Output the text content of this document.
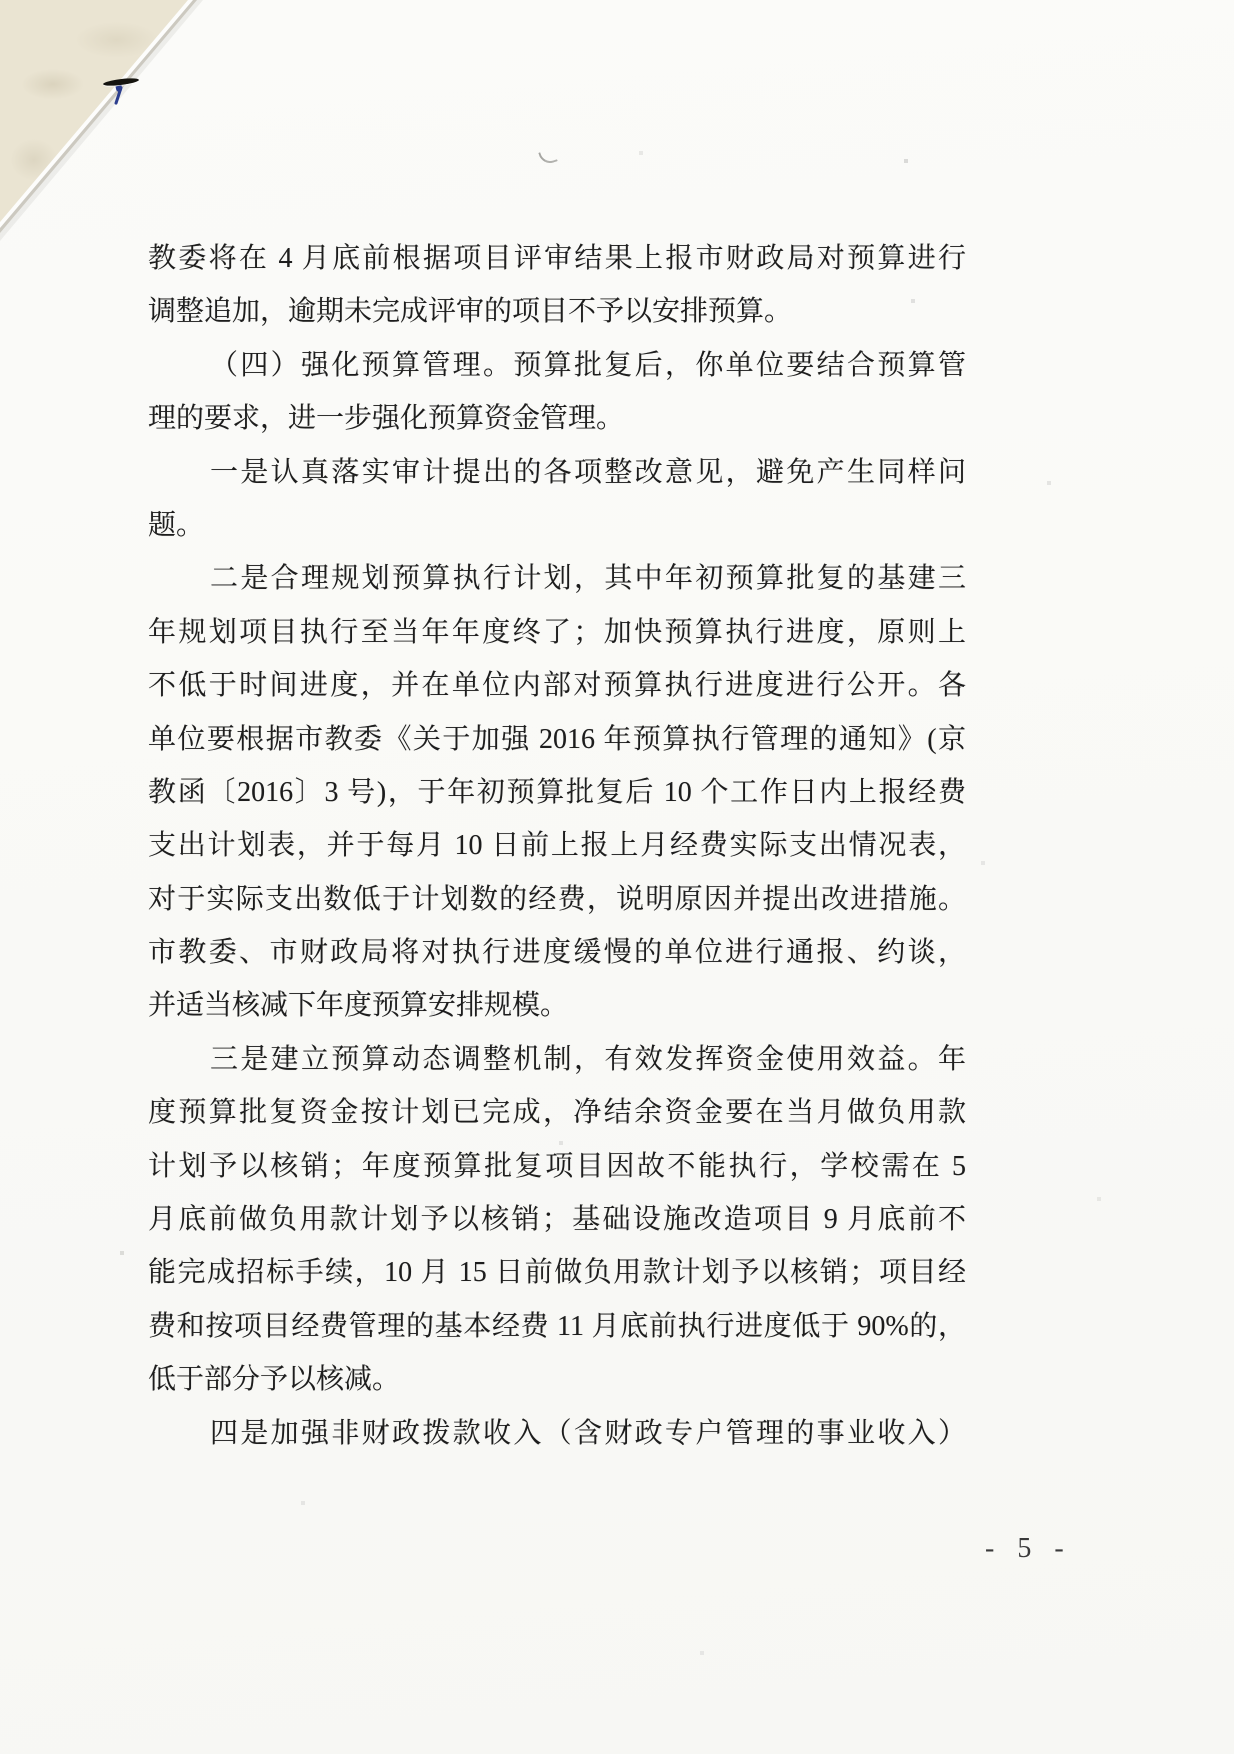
教委将在 4 月底前根据项目评审结果上报市财政局对预算进行
调整追加，逾期未完成评审的项目不予以安排预算。
（四）强化预算管理。预算批复后，你单位要结合预算管
理的要求，进一步强化预算资金管理。
一是认真落实审计提出的各项整改意见，避免产生同样问
题。
二是合理规划预算执行计划，其中年初预算批复的基建三
年规划项目执行至当年年度终了；加快预算执行进度，原则上
不低于时间进度，并在单位内部对预算执行进度进行公开。各
单位要根据市教委《关于加强 2016 年预算执行管理的通知》(京
教函〔2016〕3 号)，于年初预算批复后 10 个工作日内上报经费
支出计划表，并于每月 10 日前上报上月经费实际支出情况表，
对于实际支出数低于计划数的经费，说明原因并提出改进措施。
市教委、市财政局将对执行进度缓慢的单位进行通报、约谈，
并适当核减下年度预算安排规模。
三是建立预算动态调整机制，有效发挥资金使用效益。年
度预算批复资金按计划已完成，净结余资金要在当月做负用款
计划予以核销；年度预算批复项目因故不能执行，学校需在 5
月底前做负用款计划予以核销；基础设施改造项目 9 月底前不
能完成招标手续，10 月 15 日前做负用款计划予以核销；项目经
费和按项目经费管理的基本经费 11 月底前执行进度低于 90%的，
低于部分予以核减。
四是加强非财政拨款收入（含财政专户管理的事业收入）
- 5 -
